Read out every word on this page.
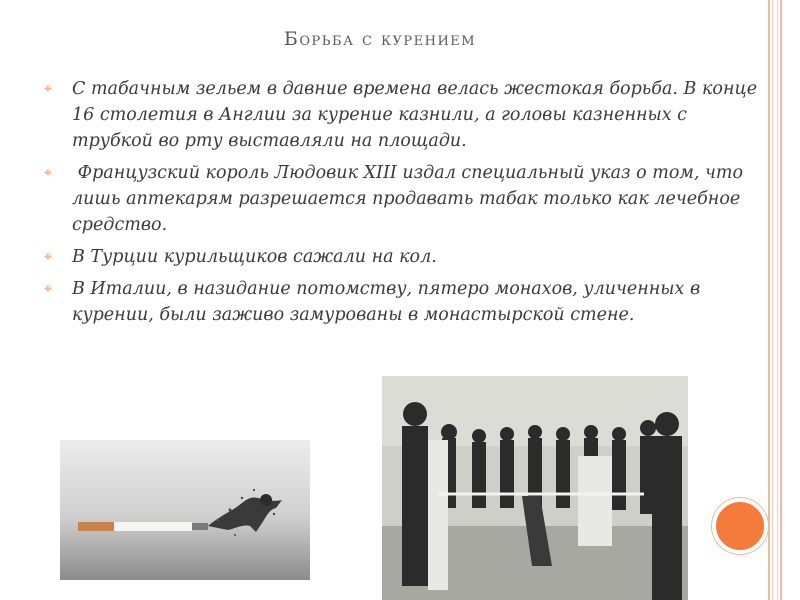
Борьба с курением
⌖ С табачным зельем в давние времена велась жестокая борьба. В конце 16 столетия в Англии за курение казнили, а головы казненных с трубкой во рту выставляли на площади.
⌖ Французский король Людовик XIII издал специальный указ о том, что лишь аптекарям разрешается продавать табак только как лечебное средство.
⌖ В Турции курильщиков сажали на кол.
⌖ В Италии, в назидание потомству, пятеро монахов, уличенных в курении, были заживо замурованы в монастырской стене.
